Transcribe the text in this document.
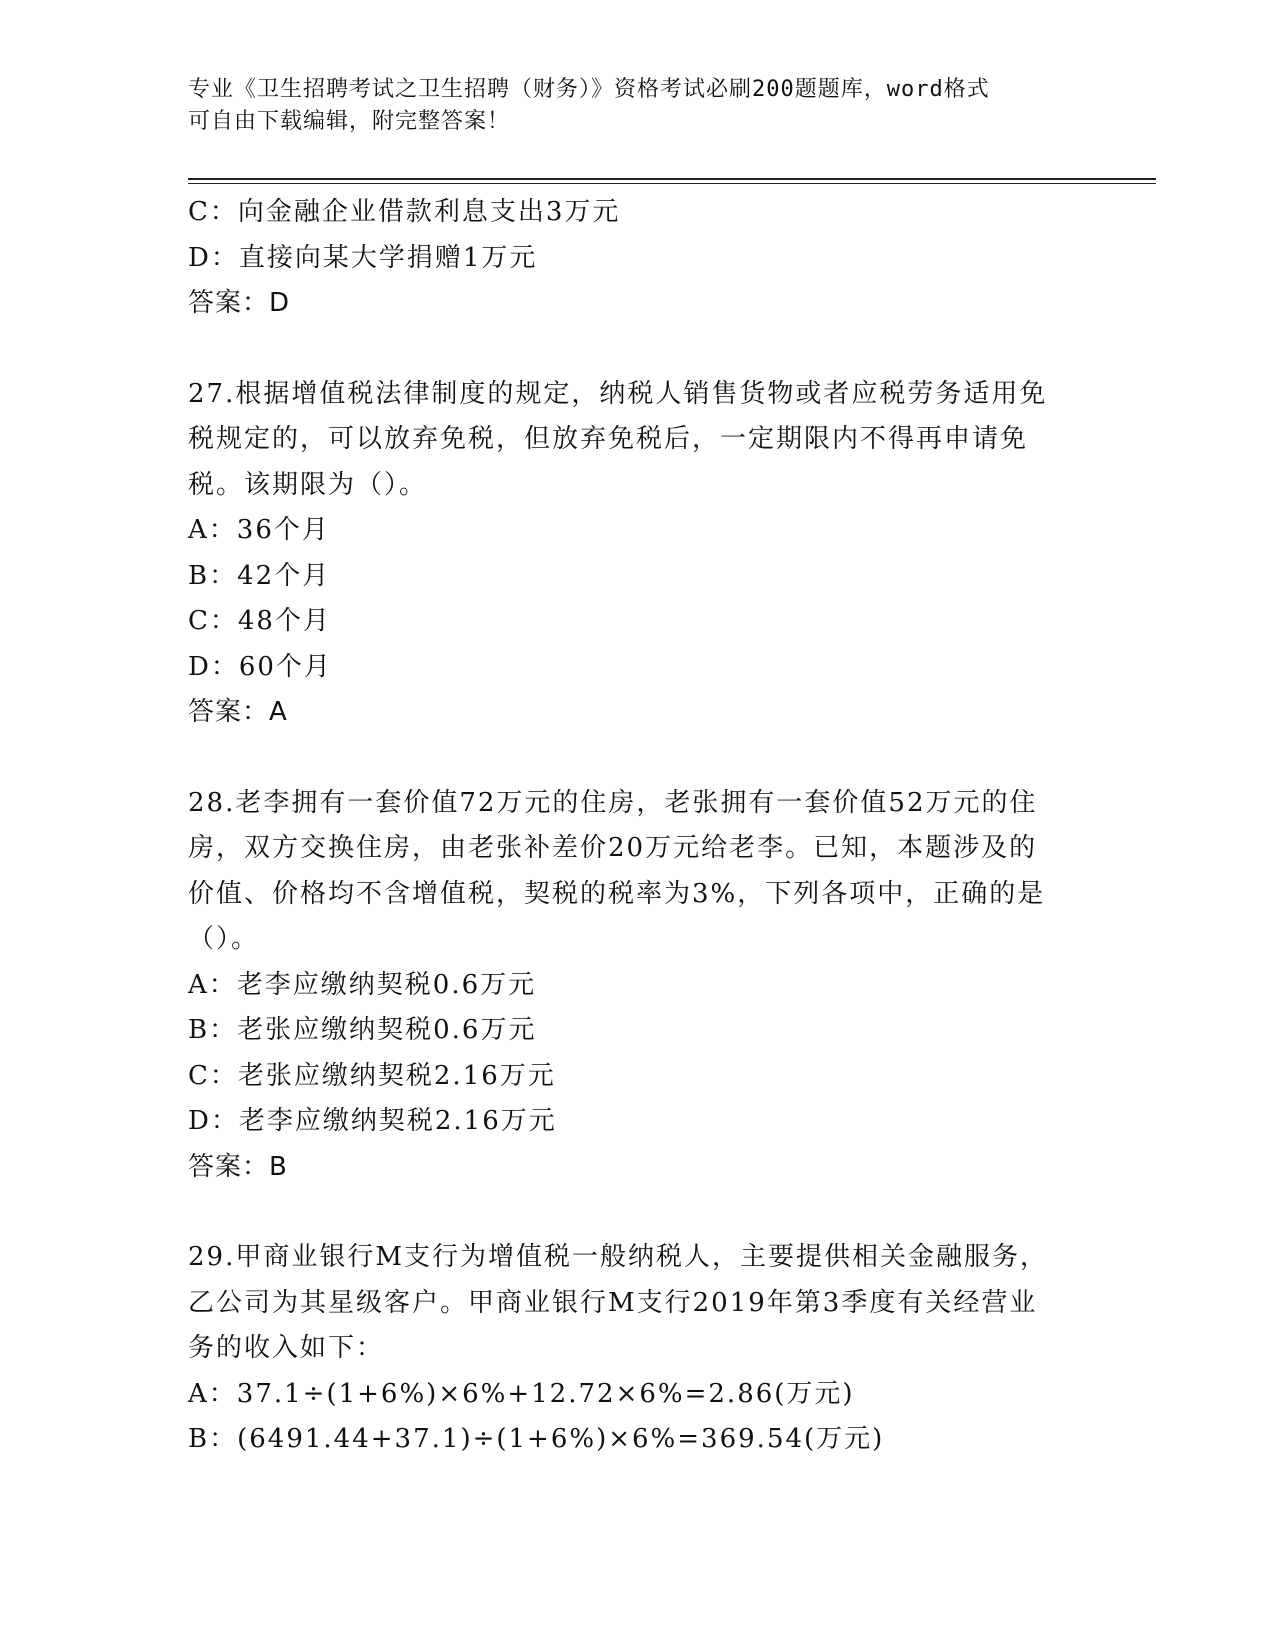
专业《卫生招聘考试之卫生招聘（财务）》资格考试必刷200题题库，word格式
可自由下载编辑，附完整答案！
C：向金融企业借款利息支出3万元
D：直接向某大学捐赠1万元
答案：D
27.根据增值税法律制度的规定，纳税人销售货物或者应税劳务适用免
税规定的，可以放弃免税，但放弃免税后，一定期限内不得再申请免
税。该期限为（）。
A：36个月
B：42个月
C：48个月
D：60个月
答案：A
28.老李拥有一套价值72万元的住房，老张拥有一套价值52万元的住
房，双方交换住房，由老张补差价20万元给老李。已知，本题涉及的
价值、价格均不含增值税，契税的税率为3%，下列各项中，正确的是
（）。
A：老李应缴纳契税0.6万元
B：老张应缴纳契税0.6万元
C：老张应缴纳契税2.16万元
D：老李应缴纳契税2.16万元
答案：B
29.甲商业银行M支行为增值税一般纳税人，主要提供相关金融服务，
乙公司为其星级客户。甲商业银行M支行2019年第3季度有关经营业
务的收入如下：
A：37.1÷(1+6%)×6%+12.72×6%=2.86(万元)
B：(6491.44+37.1)÷(1+6%)×6%=369.54(万元)
